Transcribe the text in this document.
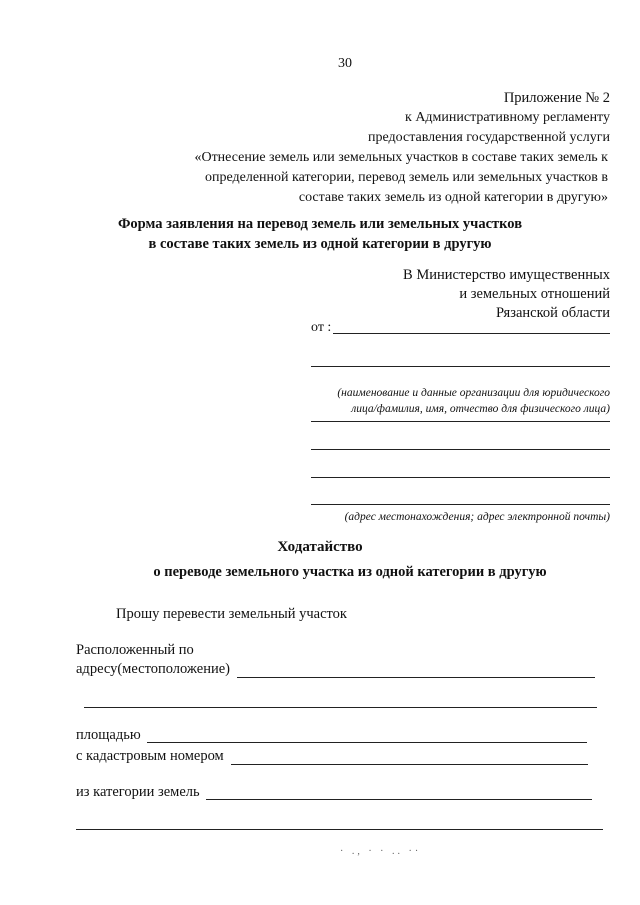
30
Приложение № 2
к Административному регламенту
предоставления государственной услуги
«Отнесение земель или земельных участков в составе таких земель к
определенной категории, перевод земель или земельных участков в
составе таких земель из одной категории в другую»
Форма заявления на перевод земель или земельных участков
в составе таких земель из одной категории в другую
В Министерство имущественных
и земельных отношений
Рязанской области
от :
(наименование и данные организации для юридического
лица/фамилия, имя, отчество для физического лица)
(адрес местонахождения; адрес электронной почты)
Ходатайство
о переводе земельного участка из одной категории в другую
Прошу перевести земельный участок
Расположенный по
адресу(местоположение)
площадью
с кадастровым номером
из категории земель
· ., · · .. ··
